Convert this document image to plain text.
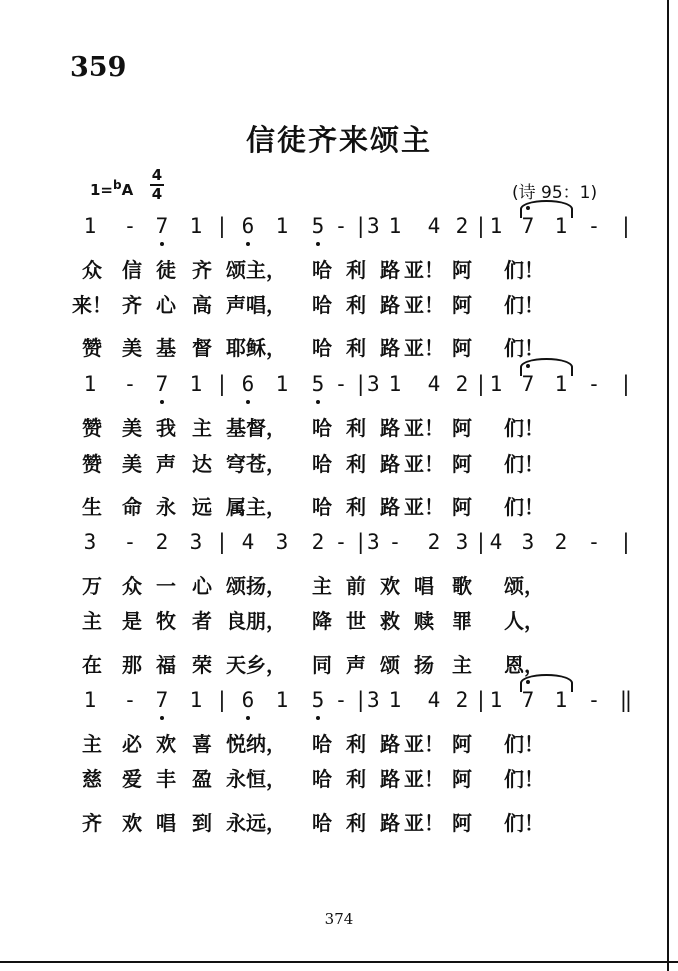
359
信徒齐来颂主
1=$^b$A
4
4	(诗 95：1)
1 - 7 1 | 6 1 5 - |3 1 4 2 | 1 7 1 - |
众 信 徒 齐 颂 主， 哈 利 路 亚！ 阿 们！
来！ 齐 心 高 声 唱， 哈 利 路 亚！ 阿 们！
赞 美 基 督 耶 稣， 哈 利 路 亚！ 阿 们！
1 - 7 1 | 6 1 5 - |3 1 4 2 | 1 7 1 - |
赞 美 我 主 基 督， 哈 利 路 亚！ 阿 们！
赞 美 声 达 穹 苍， 哈 利 路 亚！ 阿 们！
生 命 永 远 属 主， 哈 利 路 亚！ 阿 们！
3 - 2 3 | 4 3 2 - |3 - 2 3 | 4 3 2 - |
万 众 一 心 颂 扬， 主 前 欢 唱 歌 颂，
主 是 牧 者 良 朋， 降 世 救 赎 罪 人，
在 那 福 荣 天 乡， 同 声 颂 扬 主 恩，
1 - 7 1 | 6 1 5 - |3 1 4 2 | 1 7 1 - ‖
主 必 欢 喜 悦 纳， 哈 利 路 亚！ 阿 们！
慈 爱 丰 盈 永 恒， 哈 利 路 亚！ 阿 们！
齐 欢 唱 到 永 远， 哈 利 路 亚！ 阿 们！
374
